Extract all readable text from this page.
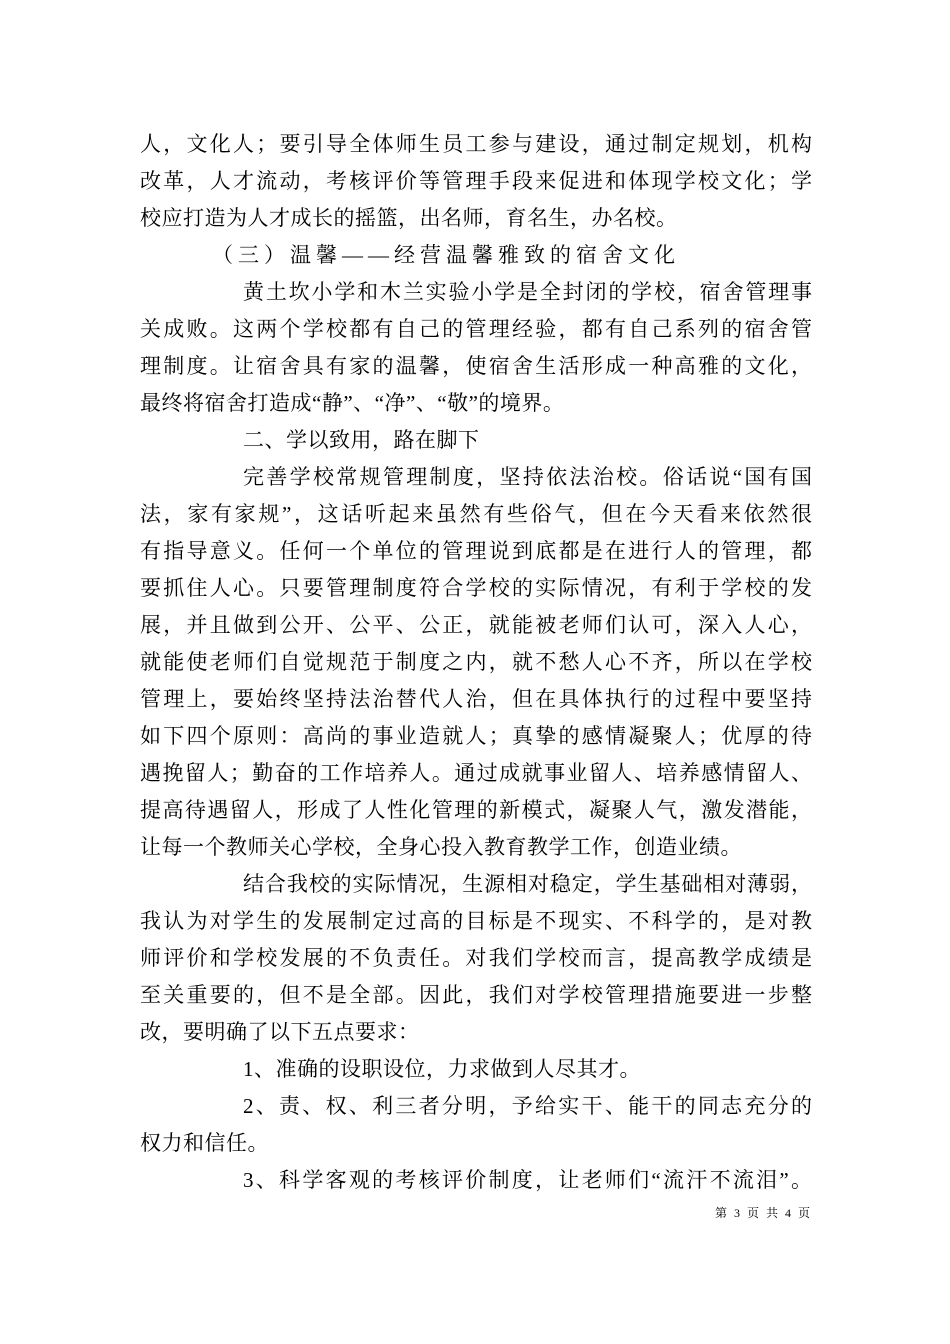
人，文化人；要引导全体师生员工参与建设，通过制定规划，机构
改革，人才流动，考核评价等管理手段来促进和体现学校文化；学
校应打造为人才成长的摇篮，出名师，育名生，办名校。
（三）温馨——经营温馨雅致的宿舍文化
黄土坎小学和木兰实验小学是全封闭的学校，宿舍管理事
关成败。这两个学校都有自己的管理经验，都有自己系列的宿舍管
理制度。让宿舍具有家的温馨，使宿舍生活形成一种高雅的文化，
最终将宿舍打造成“静”、“净”、“敬”的境界。
二、学以致用，路在脚下
完善学校常规管理制度，坚持依法治校。俗话说“国有国
法，家有家规”，这话听起来虽然有些俗气，但在今天看来依然很
有指导意义。任何一个单位的管理说到底都是在进行人的管理，都
要抓住人心。只要管理制度符合学校的实际情况，有利于学校的发
展，并且做到公开、公平、公正，就能被老师们认可，深入人心，
就能使老师们自觉规范于制度之内，就不愁人心不齐，所以在学校
管理上，要始终坚持法治替代人治，但在具体执行的过程中要坚持
如下四个原则：高尚的事业造就人；真挚的感情凝聚人；优厚的待
遇挽留人；勤奋的工作培养人。通过成就事业留人、培养感情留人、
提高待遇留人，形成了人性化管理的新模式，凝聚人气，激发潜能，
让每一个教师关心学校，全身心投入教育教学工作，创造业绩。
结合我校的实际情况，生源相对稳定，学生基础相对薄弱，
我认为对学生的发展制定过高的目标是不现实、不科学的，是对教
师评价和学校发展的不负责任。对我们学校而言，提高教学成绩是
至关重要的，但不是全部。因此，我们对学校管理措施要进一步整
改，要明确了以下五点要求：
1、准确的设职设位，力求做到人尽其才。
2、责、权、利三者分明，予给实干、能干的同志充分的
权力和信任。
3、科学客观的考核评价制度，让老师们“流汗不流泪”。
第 3 页 共 4 页
